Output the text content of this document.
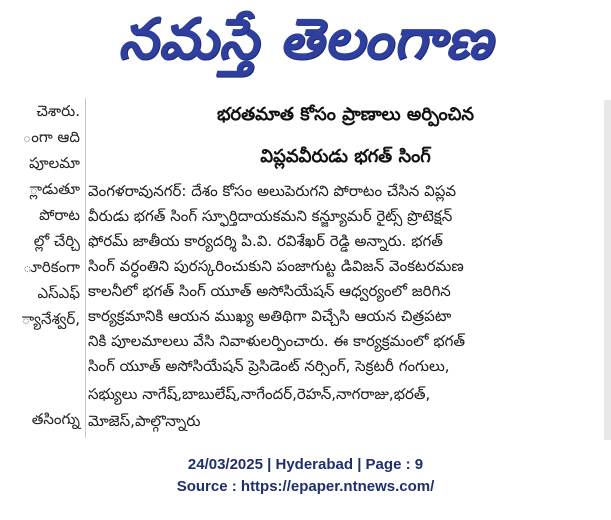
నమస్తే తెలంగాణ
చెశారు.
ంగా ఆది
పూలమా
్లాడుతూ
పోరాట
ల్లో చేర్చి
ూరికంగా
ఎస్ఎఫ్
్యానేశ్వర్,
తసింగ్ను
భరతమాత కోసం ప్రాణాలు అర్పించిన
విప్లవవీరుడు భగత్ సింగ్
వెంగళరావునగర్: దేశం కోసం అలుపెరుగని పోరాటం చేసిన విప్లవ
వీరుడు భగత్ సింగ్ స్ఫూర్తిదాయకమని కన్జ్యూమర్ రైట్స్ ప్రొటెక్షన్
ఫోరమ్ జాతీయ కార్యదర్శి పి.వి. రవిశేఖర్ రెడ్డి అన్నారు. భగత్
సింగ్ వర్ధంతిని పురస్కరించుకుని పంజాగుట్ట డివిజన్ వెంకటరమణ
కాలనీలో భగత్ సింగ్ యూత్ అసోసియేషన్ ఆధ్వర్యంలో జరిగిన
కార్యక్రమానికి ఆయన ముఖ్య అతిథిగా విచ్చేసి ఆయన చిత్రపటా
నికి పూలమాలలు వేసి నివాళులర్పించారు. ఈ కార్యక్రమంలో భగత్
సింగ్ యూత్ అసోసియేషన్ ప్రెసిడెంట్ నర్సింగ్, సెక్రటరీ గంగులు,
సభ్యులు నాగేష్,బాబులేష్,నాగేందర్,రెహన్,నాగరాజు,భరత్,
మోజెస్,పాల్గొన్నారు
24/03/2025 | Hyderabad | Page : 9
Source : https://epaper.ntnews.com/
